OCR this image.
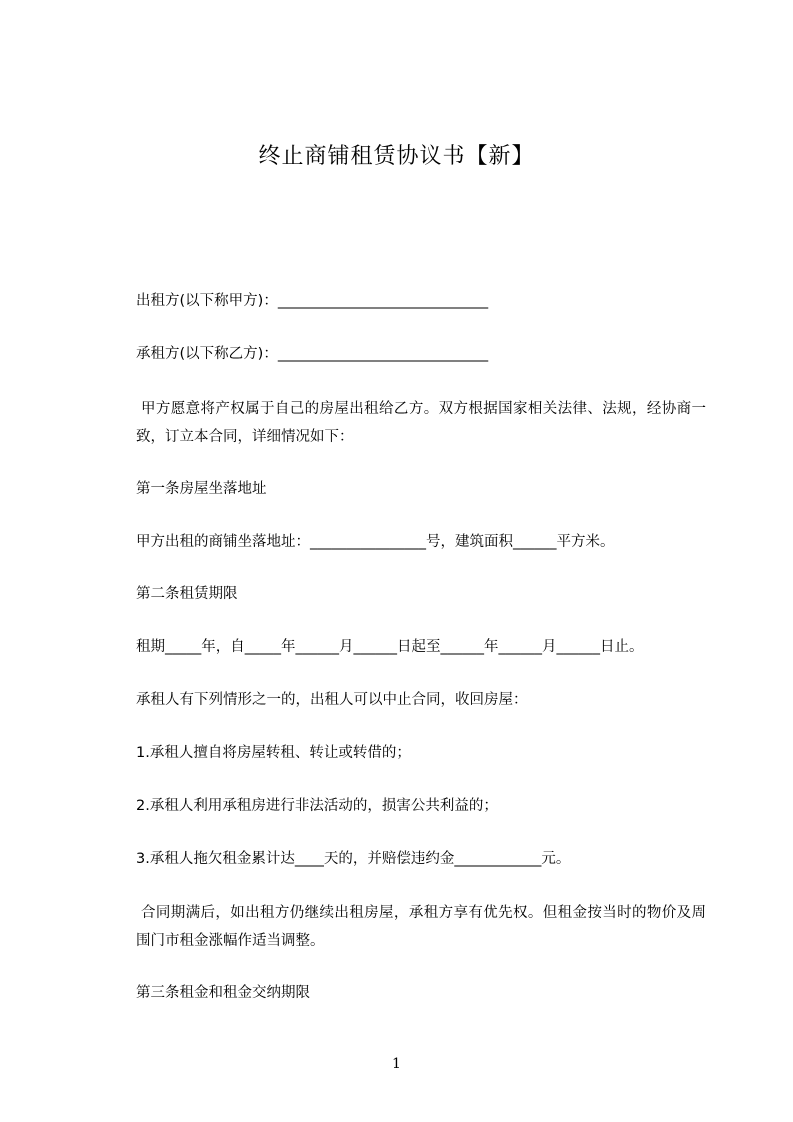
终止商铺租赁协议书【新】
出租方(以下称甲方)：_____________________________
承租方(以下称乙方)：_____________________________
甲方愿意将产权属于自己的房屋出租给乙方。双方根据国家相关法律、法规，经协商一致，订立本合同，详细情况如下：
第一条房屋坐落地址
甲方出租的商铺坐落地址：________________号，建筑面积______平方米。
第二条租赁期限
租期_____年，自_____年______月______日起至______年______月______日止。
承租人有下列情形之一的，出租人可以中止合同，收回房屋：
1.承租人擅自将房屋转租、转让或转借的；
2.承租人利用承租房进行非法活动的，损害公共利益的；
3.承租人拖欠租金累计达____天的，并赔偿违约金____________元。
合同期满后，如出租方仍继续出租房屋，承租方享有优先权。但租金按当时的物价及周围门市租金涨幅作适当调整。
第三条租金和租金交纳期限
1
